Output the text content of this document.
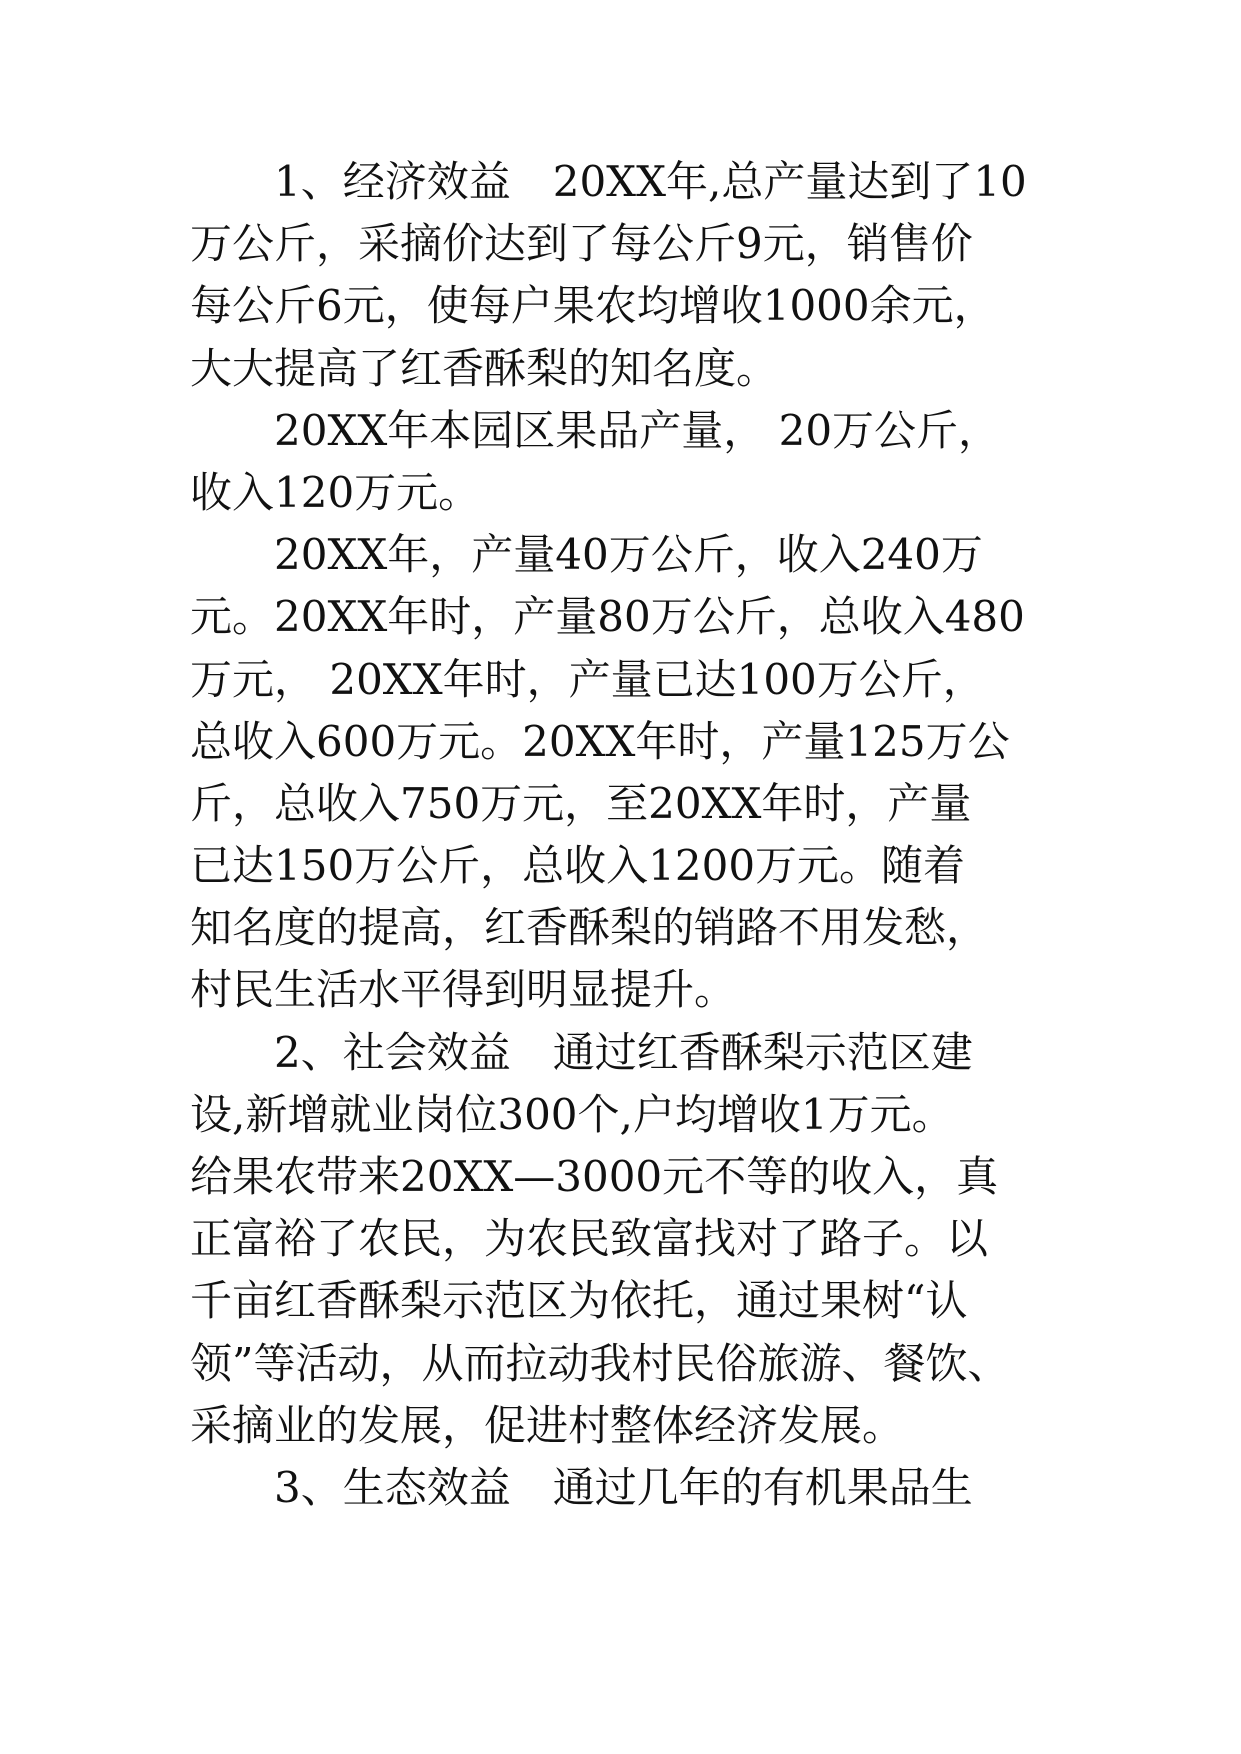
1、经济效益　20XX年,总产量达到了10
万公斤，采摘价达到了每公斤9元，销售价
每公斤6元，使每户果农均增收1000余元，
大大提高了红香酥梨的知名度。
20XX年本园区果品产量， 20万公斤，
收入120万元。
20XX年，产量40万公斤，收入240万
元。20XX年时，产量80万公斤，总收入480
万元， 20XX年时，产量已达100万公斤，
总收入600万元。20XX年时，产量125万公
斤，总收入750万元，至20XX年时，产量
已达150万公斤，总收入1200万元。随着
知名度的提高，红香酥梨的销路不用发愁，
村民生活水平得到明显提升。
2、社会效益　通过红香酥梨示范区建
设,新增就业岗位300个,户均增收1万元。
给果农带来20XX—3000元不等的收入，真
正富裕了农民，为农民致富找对了路子。以
千亩红香酥梨示范区为依托，通过果树“认
领”等活动，从而拉动我村民俗旅游、餐饮、
采摘业的发展，促进村整体经济发展。
3、生态效益　通过几年的有机果品生
